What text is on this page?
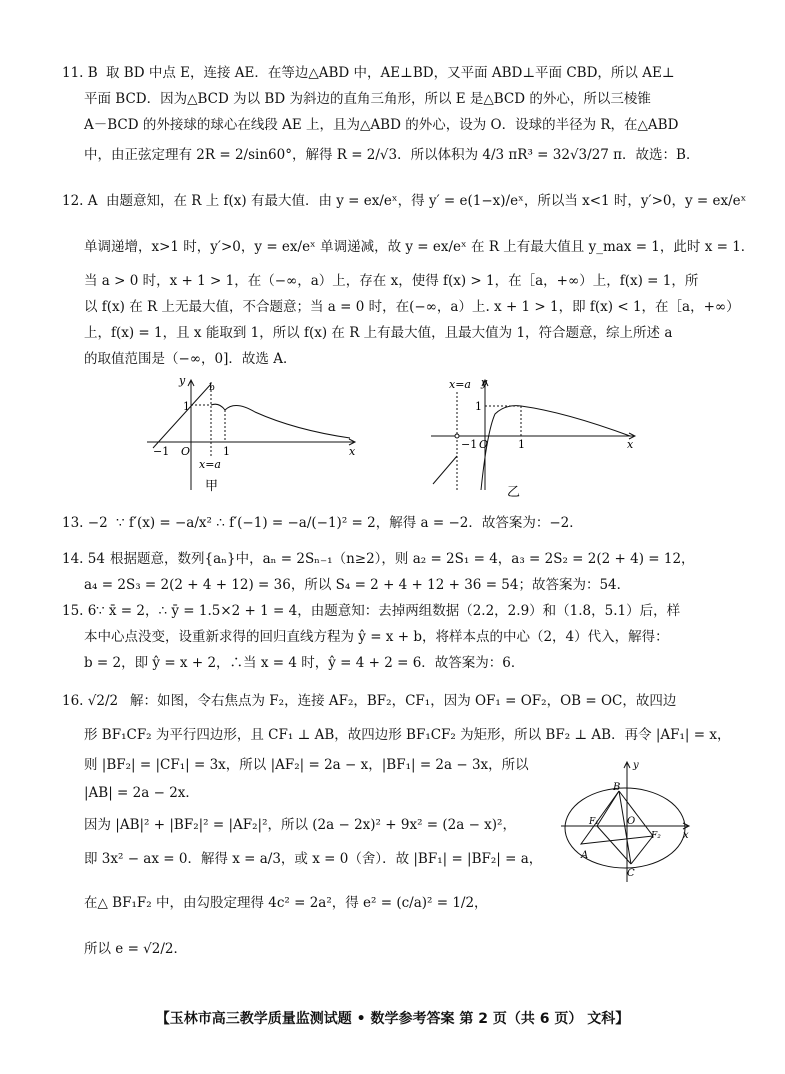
11. B 取 BD 中点 E，连接 AE．在等边△ABD 中，AE⊥BD，又平面 ABD⊥平面 CBD，所以 AE⊥
平面 BCD．因为△BCD 为以 BD 为斜边的直角三角形，所以 E 是△BCD 的外心，所以三棱锥
A－BCD 的外接球的球心在线段 AE 上，且为△ABD 的外心，设为 O．设球的半径为 R，在△ABD
中，由正弦定理有 2R = 2/sin60°，解得 R = 2/√3．所以体积为 4/3 πR³ = 32√3/27 π．故选：B．
12. A 由题意知，在 R 上 f(x) 有最大值．由 y = ex/eˣ，得 y′ = e(1−x)/eˣ，所以当 x<1 时，y′>0，y = ex/eˣ
单调递增，x>1 时，y′>0，y = ex/eˣ 单调递减，故 y = ex/eˣ 在 R 上有最大值且 y_max = 1，此时 x = 1．
当 a > 0 时，x + 1 > 1，在（−∞，a）上，存在 x，使得 f(x) > 1，在［a，+∞）上，f(x) = 1，所
以 f(x) 在 R 上无最大值，不合题意；当 a = 0 时，在(−∞，a）上. x + 1 > 1，即 f(x) < 1，在［a，+∞）
上，f(x) = 1，且 x 能取到 1，所以 f(x) 在 R 上有最大值，且最大值为 1，符合题意，综上所述 a
的取值范围是（−∞，0]．故选 A．
y
1
b
−1 O	1	x
x=a
甲
x=a y
1
−1 O	1	x
乙
13. −2 ∵ f′(x) = −a/x² ∴ f′(−1) = −a/(−1)² = 2，解得 a = −2．故答案为：−2．
14. 54 根据题意，数列{aₙ}中，aₙ = 2Sₙ₋₁（n≥2），则 a₂ = 2S₁ = 4，a₃ = 2S₂ = 2(2 + 4) = 12，
a₄ = 2S₃ = 2(2 + 4 + 12) = 36，所以 S₄ = 2 + 4 + 12 + 36 = 54；故答案为：54．
15. 6 ∵ x̄ = 2，∴ ȳ = 1.5×2 + 1 = 4，由题意知：去掉两组数据（2.2，2.9）和（1.8，5.1）后，样
本中心点没变，设重新求得的回归直线方程为 ŷ = x + b，将样本点的中心（2，4）代入，解得：
b = 2，即 ŷ = x + 2，∴当 x = 4 时，ŷ = 4 + 2 = 6．故答案为：6．
16. √2/2 解：如图，令右焦点为 F₂，连接 AF₂，BF₂，CF₁，因为 OF₁ = OF₂，OB = OC，故四边
形 BF₁CF₂ 为平行四边形，且 CF₁ ⊥ AB，故四边形 BF₁CF₂ 为矩形，所以 BF₂ ⊥ AB．再令 |AF₁| = x，
则 |BF₂| = |CF₁| = 3x，所以 |AF₂| = 2a − x，|BF₁| = 2a − 3x，所以
|AB| = 2a − 2x．
因为 |AB|² + |BF₂|² = |AF₂|²，所以 (2a − 2x)² + 9x² = (2a − x)²，
即 3x² − ax = 0．解得 x = a/3，或 x = 0（舍）．故 |BF₁| = |BF₂| = a，
在△ BF₁F₂ 中，由勾股定理得 4c² = 2a²，得 e² = (c/a)² = 1/2，
所以 e = √2/2．
y
x
B
A
C
O
F₁
F₂
【玉林市高三教学质量监测试题 • 数学参考答案 第 2 页（共 6 页） 文科】
